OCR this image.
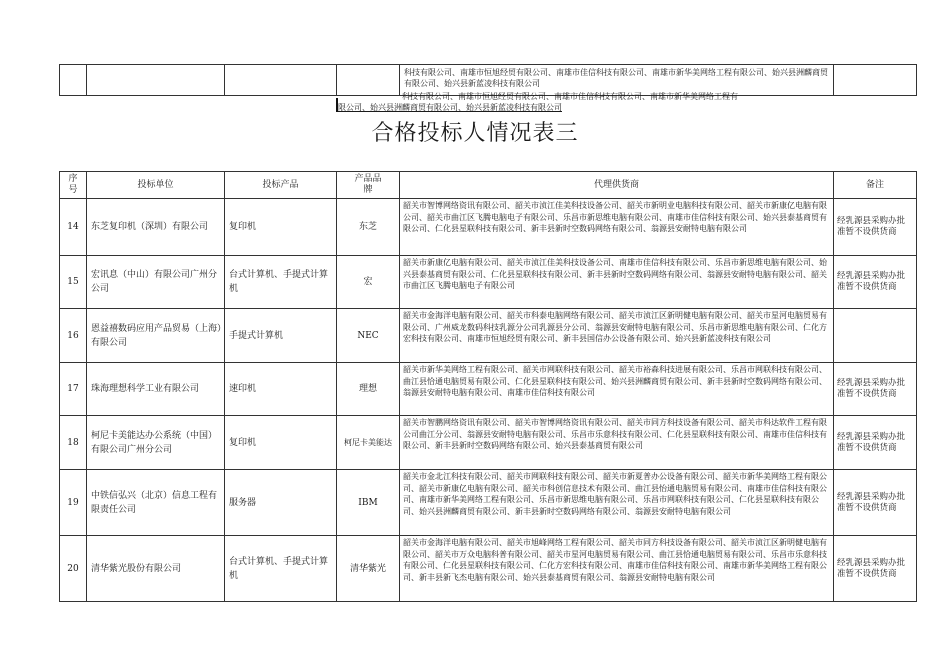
				科技有限公司、南雄市恒旭经贸有限公司、南雄市佳信科技有限公司、南雄市新华美网络工程有限公司、始兴县洲麟商贸有限公司、始兴县新蓝凌科技有限公司	
科技有限公司、南雄市恒旭经贸有限公司、南雄市佳信科技有限公司、南雄市新华美网络工程有
限公司、始兴县洲麟商贸有限公司、始兴县新蓝凌科技有限公司
合格投标人情况表三
序号	投标单位	投标产品	产品品牌	代理供货商	备注
14	东芝复印机（深圳）有限公司	复印机	东芝	韶关市智博网络资讯有限公司、韶关市浈江佳美科技设备公司、韶关市新明业电脑科技有限公司、韶关市新康亿电脑有限公司、韶关市曲江区飞腾电脑电子有限公司、乐昌市新思维电脑有限公司、南雄市佳信科技有限公司、始兴县泰基商贸有限公司、仁化县星联科技有限公司、新丰县新时空数码网络有限公司、翁源县安耐特电脑有限公司	经乳源县采购办批准暂不设供货商
15	宏讯息（中山）有限公司广州分公司	台式计算机、手提式计算机	宏	韶关市新康亿电脑有限公司、韶关市浈江佳美科技设备公司、南雄市佳信科技有限公司、乐昌市新思维电脑有限公司、始兴县泰基商贸有限公司、仁化县星联科技有限公司、新丰县新时空数码网络有限公司、翁源县安耐特电脑有限公司、韶关市曲江区飞腾电脑电子有限公司	经乳源县采购办批准暂不设供货商
16	恩益禧数码应用产品贸易（上海）有限公司	手提式计算机	NEC	韶关市金海洋电脑有限公司、韶关市科泰电脑网络有限公司、韶关市浈江区新明健电脑有限公司、韶关市星河电脑贸易有限公司、广州威龙数码科技乳源分公司乳源县分公司、翁源县安耐特电脑有限公司、乐昌市新思维电脑有限公司、仁化方宏科技有限公司、南雄市恒旭经贸有限公司、新丰县国信办公设备有限公司、始兴县新蓝凌科技有限公司	
17	珠海理想科学工业有限公司	速印机	理想	韶关市新华美网络工程有限公司、韶关市网联科技有限公司、韶关市裕森科技进展有限公司、乐昌市网联科技有限公司、曲江县恰通电脑贸易有限公司、仁化县星联科技有限公司、始兴县洲麟商贸有限公司、新丰县新时空数码网络有限公司、翁源县安耐特电脑有限公司、南雄市佳信科技有限公司	经乳源县采购办批准暂不设供货商
18	柯尼卡美能达办公系统（中国）有限公司广州分公司	复印机	柯尼卡美能达	韶关市智鹏网络资讯有限公司、韶关市智博网络资讯有限公司、韶关市同方科技设备有限公司、韶关市科达软件工程有限公司曲江分公司、翁源县安耐特电脑有限公司、乐昌市乐意科技有限公司、仁化县星联科技有限公司、南雄市佳信科技有限公司、新丰县新时空数码网络有限公司、始兴县泰基商贸有限公司	经乳源县采购办批准暂不设供货商
19	中铁信弘兴（北京）信息工程有限责任公司	服务器	IBM	韶关市金北江科技有限公司、韶关市网联科技有限公司、韶关市新夏普办公设备有限公司、韶关市新华美网络工程有限公司、韶关市新康亿电脑有限公司、韶关市科创信息技术有限公司、曲江县怡通电脑贸易有限公司、南雄市佳信科技有限公司、南雄市新华美网络工程有限公司、乐昌市新思维电脑有限公司、乐昌市网联科技有限公司、仁化县星联科技有限公司、始兴县洲麟商贸有限公司、新丰县新时空数码网络有限公司、翁源县安耐特电脑有限公司	经乳源县采购办批准暂不设供货商
20	清华紫光股份有限公司	台式计算机、手提式计算机	清华紫光	韶关市金海洋电脑有限公司、韶关市旭峰网络工程有限公司、韶关市同方科技设备有限公司、韶关市浈江区新明健电脑有限公司、韶关市万众电脑科普有限公司、韶关市星河电脑贸易有限公司、曲江县恰通电脑贸易有限公司、乐昌市乐意科技有限公司、仁化县星联科技有限公司、仁化方宏科技有限公司、南雄市佳信科技有限公司、南雄市新华美网络工程有限公司、新丰县新飞杰电脑有限公司、始兴县泰基商贸有限公司、翁源县安耐特电脑有限公司	经乳源县采购办批准暂不设供货商
